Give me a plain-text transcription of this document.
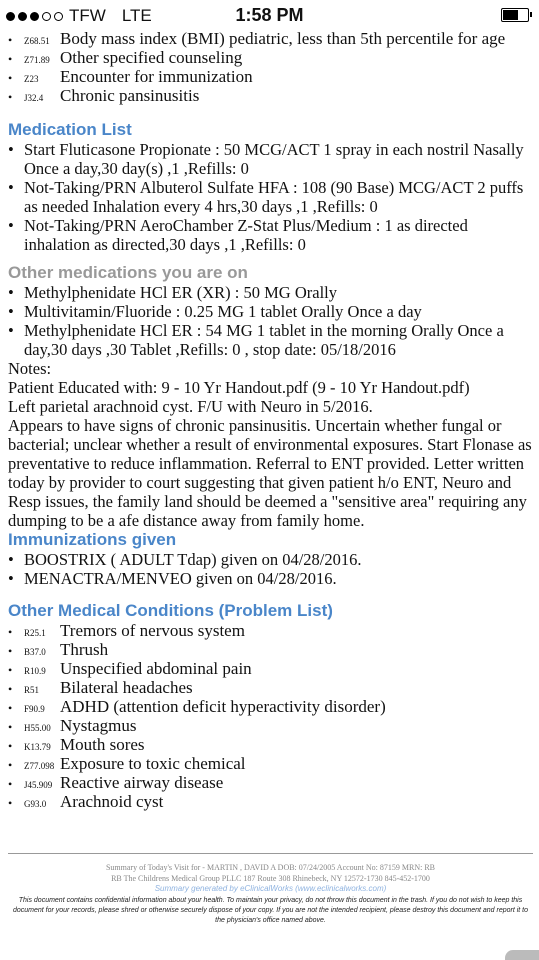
TFW LTE	1:58 PM
•	Z68.51 Body mass index (BMI) pediatric, less than 5th percentile for age
•	Z71.89 Other specified counseling
•	Z23	Encounter for immunization
•	J32.4 Chronic pansinusitis
Medication List
• Start Fluticasone Propionate : 50 MCG/ACT 1 spray in each nostril Nasally Once a day,30 day(s) ,1 ,Refills: 0
• Not-Taking/PRN Albuterol Sulfate HFA : 108 (90 Base) MCG/ACT 2 puffs as needed Inhalation every 4 hrs,30 days ,1 ,Refills: 0
• Not-Taking/PRN AeroChamber Z-Stat Plus/Medium : 1 as directed inhalation as directed,30 days ,1 ,Refills: 0
Other medications you are on
• Methylphenidate HCl ER (XR) : 50 MG Orally
• Multivitamin/Fluoride : 0.25 MG 1 tablet Orally Once a day
• Methylphenidate HCl ER : 54 MG 1 tablet in the morning Orally Once a day,30 days ,30 Tablet ,Refills: 0 , stop date: 05/18/2016
Notes:
Patient Educated with: 9 - 10 Yr Handout.pdf (9 - 10 Yr Handout.pdf)
Left parietal arachnoid cyst. F/U with Neuro in 5/2016.
Appears to have signs of chronic pansinusitis. Uncertain whether fungal or bacterial; unclear whether a result of environmental exposures. Start Flonase as preventative to reduce inflammation. Referral to ENT provided. Letter written today by provider to court suggesting that given patient h/o ENT, Neuro and Resp issues, the family land should be deemed a "sensitive area" requiring any dumping to be a afe distance away from family home.
Immunizations given
• BOOSTRIX ( ADULT Tdap) given on 04/28/2016.
• MENACTRA/MENVEO given on 04/28/2016.
Other Medical Conditions (Problem List)
•	R25.1 Tremors of nervous system
•	B37.0 Thrush
•	R10.9 Unspecified abdominal pain
•	R51	Bilateral headaches
•	F90.9 ADHD (attention deficit hyperactivity disorder)
•	H55.00 Nystagmus
•	K13.79 Mouth sores
•	Z77.098 Exposure to toxic chemical
•	J45.909 Reactive airway disease
•	G93.0 Arachnoid cyst
Summary of Today's Visit for - MARTIN , DAVID A DOB: 07/24/2005 Account No: 87159 MRN: RB
RB The Childrens Medical Group PLLC 187 Route 308 Rhinebeck, NY 12572-1730 845-452-1700
Summary generated by eClinicalWorks (www.eclinicalworks.com)
This document contains confidential information about your health. To maintain your privacy, do not throw this document in the trash. If you do not wish to keep this document for your records, please shred or otherwise securely dispose of your copy. If you are not the intended recipient, please destroy this document and report it to the physician's office named above.
